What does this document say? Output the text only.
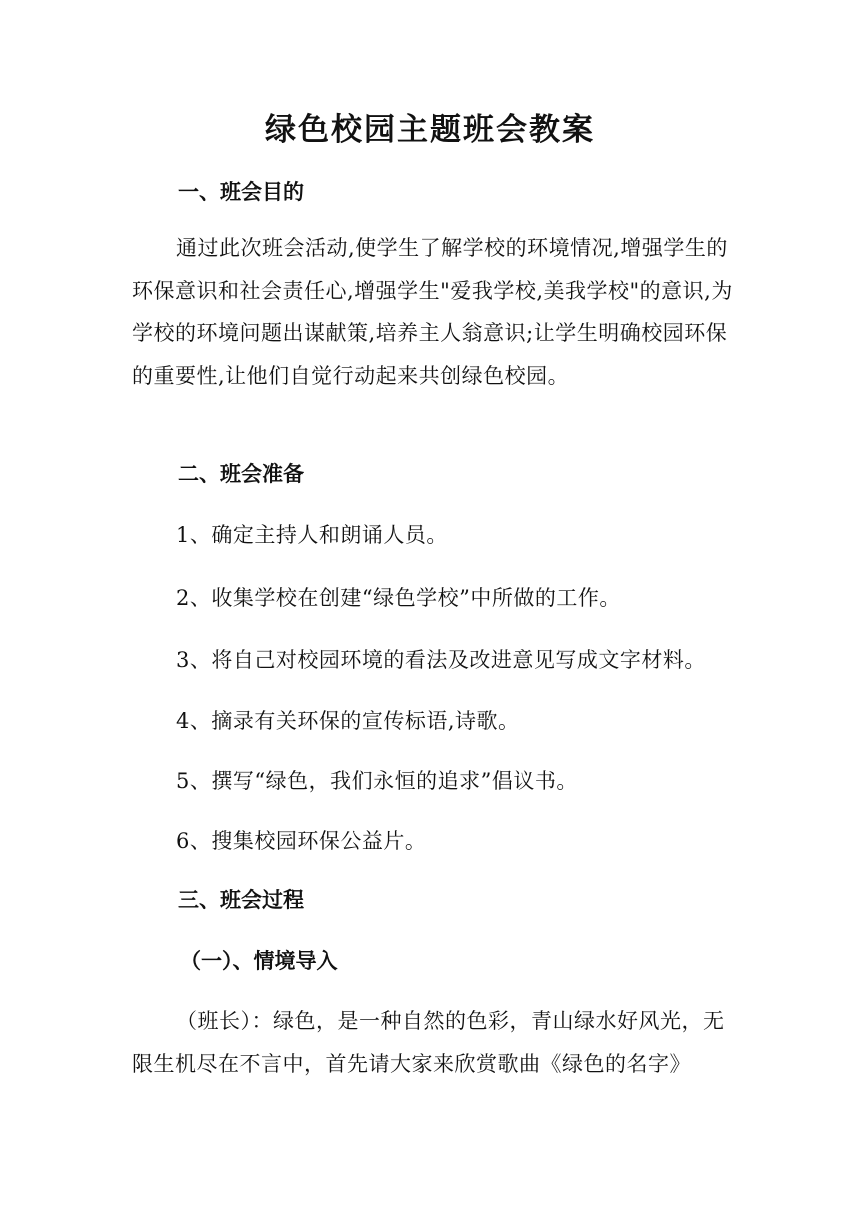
绿色校园主题班会教案
一、班会目的

通过此次班会活动,使学生了解学校的环境情况,增强学生的环保意识和社会责任心,增强学生"爱我学校,美我学校"的意识,为学校的环境问题出谋献策,培养主人翁意识;让学生明确校园环保的重要性,让他们自觉行动起来共创绿色校园。

二、班会准备

1、确定主持人和朗诵人员。

2、收集学校在创建“绿色学校”中所做的工作。

3、将自己对校园环境的看法及改进意见写成文字材料。

4、摘录有关环保的宣传标语,诗歌。

5、撰写“绿色，我们永恒的追求”倡议书。

6、搜集校园环保公益片。

三、班会过程
（一）、情境导入

（班长）：绿色，是一种自然的色彩，青山绿水好风光，无限生机尽在不言中，首先请大家来欣赏歌曲《绿色的名字》
